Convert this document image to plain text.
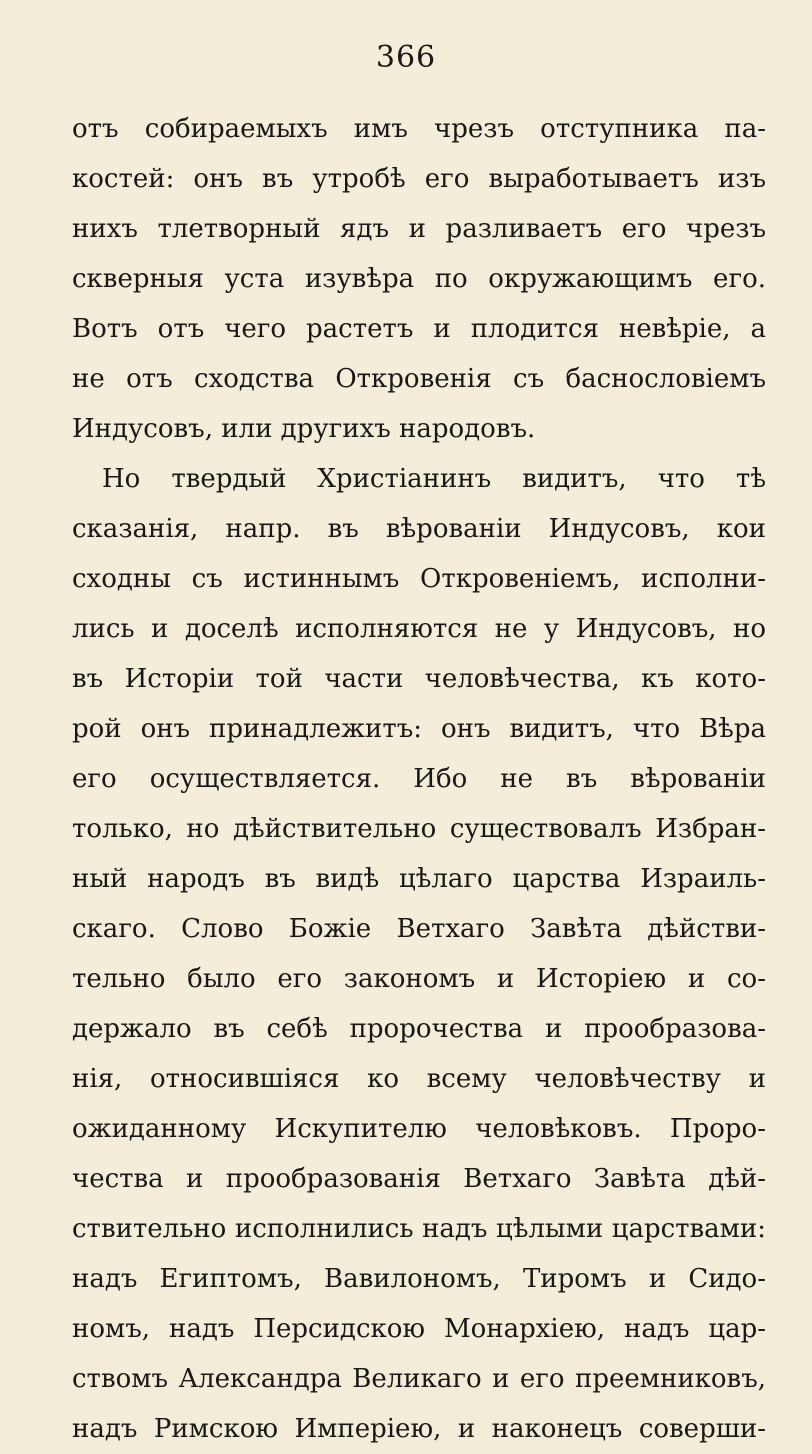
366
отъ собираемыхъ имъ чрезъ отступника па-
костей: онъ въ утробѣ его выработываетъ изъ
нихъ тлетворный ядъ и разливаетъ его чрезъ
скверныя уста изувѣра по окружающимъ его.
Вотъ отъ чего растетъ и плодится невѣріе, а
не отъ сходства Откровенія съ баснословіемъ
Индусовъ, или другихъ народовъ.
Но твердый Христіанинъ видитъ, что тѣ
сказанія, напр. въ вѣрованіи Индусовъ, кои
сходны съ истиннымъ Откровеніемъ, исполни-
лись и доселѣ исполняются не у Индусовъ, но
въ Исторіи той части человѣчества, къ кото-
рой онъ принадлежитъ: онъ видитъ, что Вѣра
его осуществляется. Ибо не въ вѣрованіи
только, но дѣйствительно существовалъ Избран-
ный народъ въ видѣ цѣлаго царства Израиль-
скаго. Слово Божіе Ветхаго Завѣта дѣйстви-
тельно было его закономъ и Исторіею и со-
держало въ себѣ пророчества и прообразова-
нія, относившіяся ко всему человѣчеству и
ожиданному Искупителю человѣковъ. Проро-
чества и прообразованія Ветхаго Завѣта дѣй-
ствительно исполнились надъ цѣлыми царствами:
надъ Египтомъ, Вавилономъ, Тиромъ и Сидо-
номъ, надъ Персидскою Монархіею, надъ цар-
ствомъ Александра Великаго и его преемниковъ,
надъ Римскою Имперіею, и наконецъ соверши-
